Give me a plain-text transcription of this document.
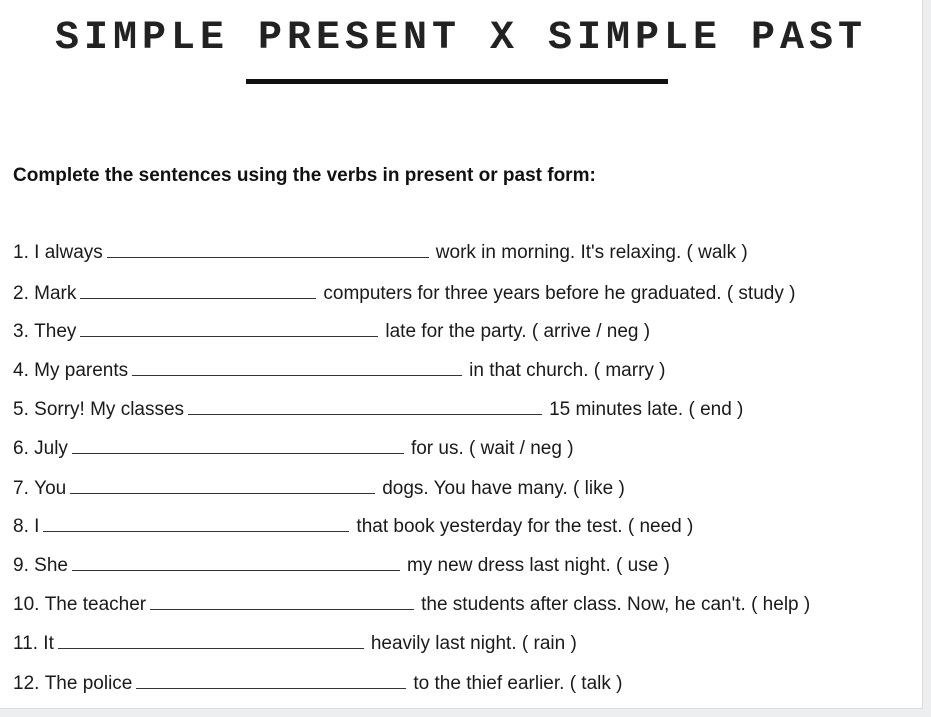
SIMPLE PRESENT X SIMPLE PAST
Complete the sentences using the verbs in present or past form:
1.
I always	work in morning. It's relaxing. ( walk )
2.
Mark	computers for three years before he graduated. ( study )
3.
They	late for the party. ( arrive / neg )
4.
My parents	in that church. ( marry )
5.
Sorry! My classes	15 minutes late. ( end )
6.
July	for us. ( wait / neg )
7.
You	dogs. You have many. ( like )
8.
I	that book yesterday for the test. ( need )
9.
She	my new dress last night. ( use )
10.
The teacher	the students after class. Now, he can't. ( help )
11.
It	heavily last night. ( rain )
12.
The police	to the thief earlier. ( talk )
